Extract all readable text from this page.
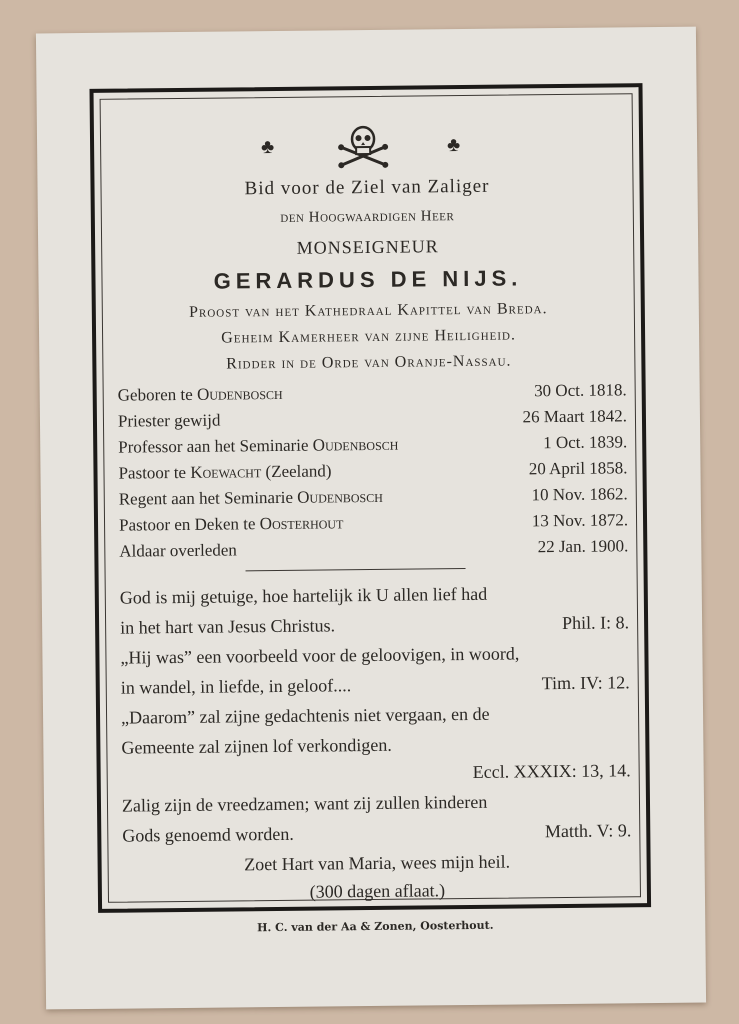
♣	♣
Bid voor de Ziel van Zaliger
den Hoogwaardigen Heer
MONSEIGNEUR
GERARDUS DE NIJS.
Proost van het Kathedraal Kapittel van Breda.
Geheim Kamerheer van zijne Heiligheid.
Ridder in de Orde van Oranje-Nassau.
Geboren te Oudenbosch	30 Oct. 1818.
Priester gewijd	26 Maart 1842.
Professor aan het Seminarie Oudenbosch	1 Oct. 1839.
Pastoor te Koewacht (Zeeland)	20 April 1858.
Regent aan het Seminarie Oudenbosch	10 Nov. 1862.
Pastoor en Deken te Oosterhout	13 Nov. 1872.
Aldaar overleden	22 Jan. 1900.
God is mij getuige, hoe hartelijk ik U allen lief had
in het hart van Jesus Christus.	Phil. I: 8.
„Hij was” een voorbeeld voor de geloovigen, in woord,
in wandel, in liefde, in geloof....	Tim. IV: 12.
„Daarom” zal zijne gedachtenis niet vergaan, en de
Gemeente zal zijnen lof verkondigen.
Eccl. XXXIX: 13, 14.
Zalig zijn de vreedzamen; want zij zullen kinderen
Gods genoemd worden.	Matth. V: 9.
Zoet Hart van Maria, wees mijn heil.
(300 dagen aflaat.)
H. C. van der Aa & Zonen, Oosterhout.
